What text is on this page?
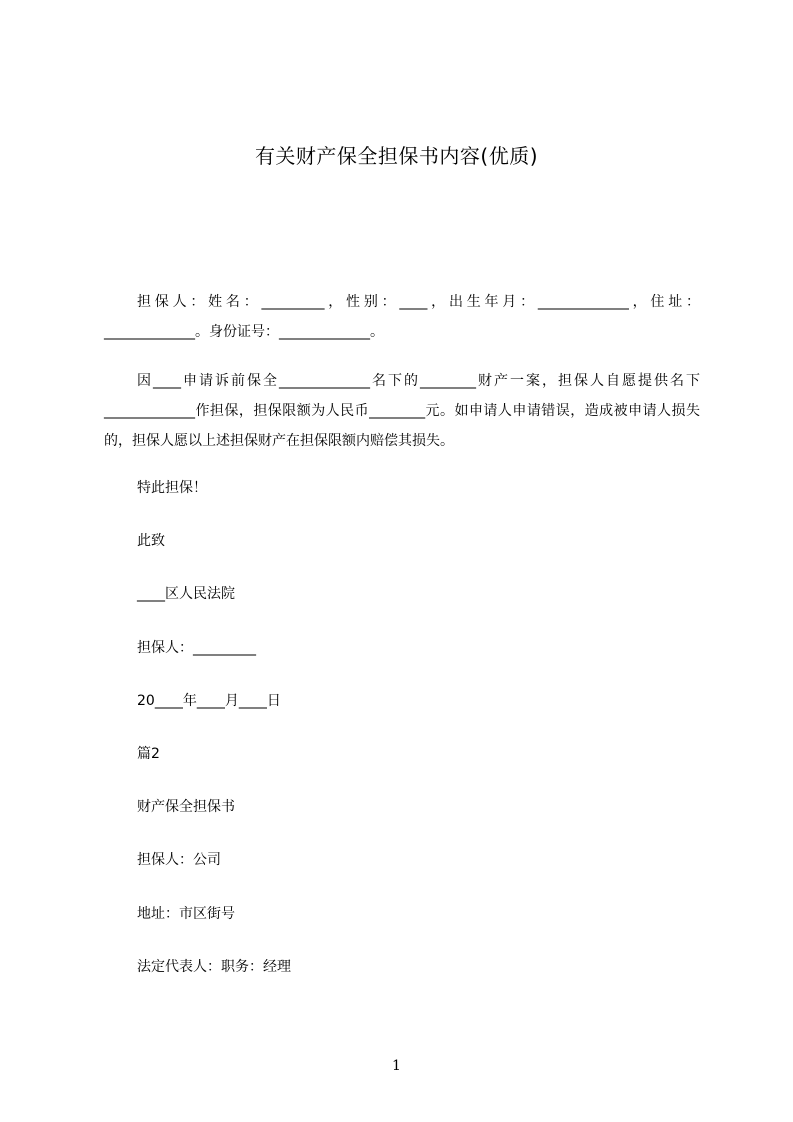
有关财产保全担保书内容(优质)
担保人：姓名：_________，性别：____，出生年月：_____________，住址：_____________。身份证号：_____________。
因____申请诉前保全_____________名下的________财产一案，担保人自愿提供名下_____________作担保，担保限额为人民币________元。如申请人申请错误，造成被申请人损失的，担保人愿以上述担保财产在担保限额内赔偿其损失。
特此担保！
此致
____区人民法院
担保人：_________
20____年____月____日
篇2
财产保全担保书
担保人：公司
地址：市区街号
法定代表人：职务：经理
1
